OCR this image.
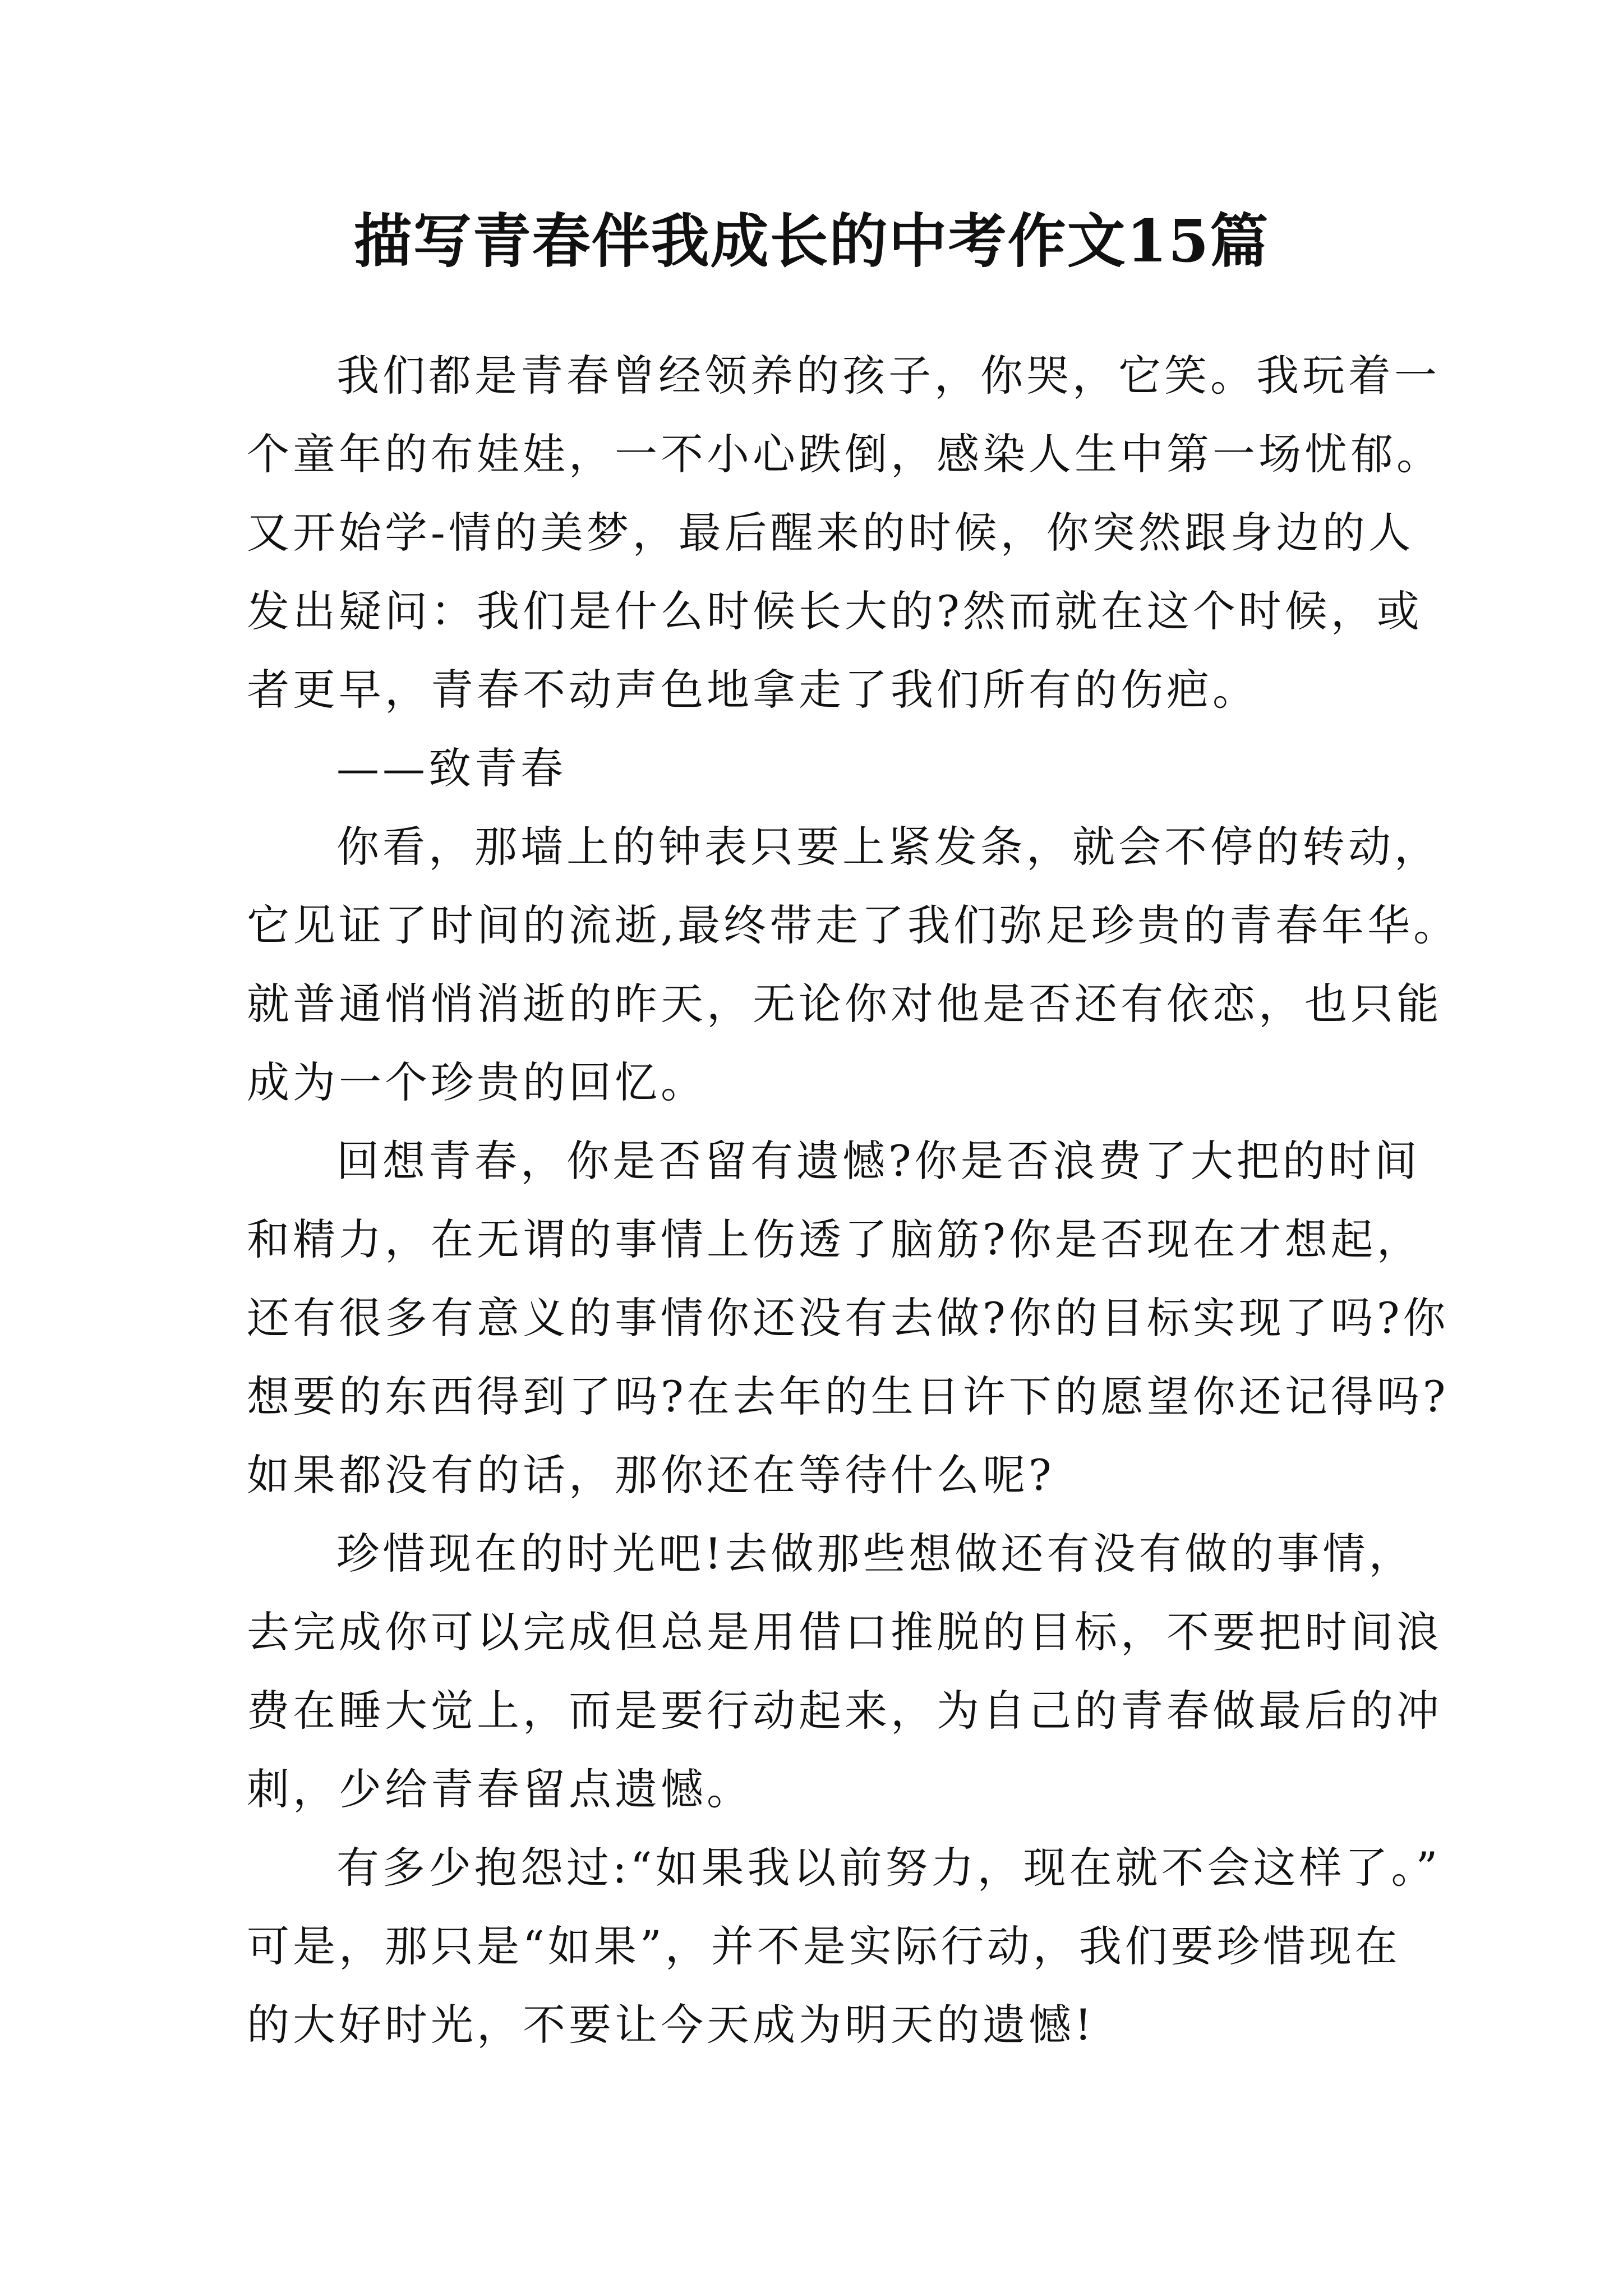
描写青春伴我成长的中考作文15篇
我们都是青春曾经领养的孩子，你哭，它笑。我玩着一
个童年的布娃娃，一不小心跌倒，感染人生中第一场忧郁。
又开始学-情的美梦，最后醒来的时候，你突然跟身边的人
发出疑问：我们是什么时候长大的?然而就在这个时候，或
者更早，青春不动声色地拿走了我们所有的伤疤。
——致青春
你看，那墙上的钟表只要上紧发条，就会不停的转动，
它见证了时间的流逝,最终带走了我们弥足珍贵的青春年华。
就普通悄悄消逝的昨天，无论你对他是否还有依恋，也只能
成为一个珍贵的回忆。
回想青春，你是否留有遗憾?你是否浪费了大把的时间
和精力，在无谓的事情上伤透了脑筋?你是否现在才想起，
还有很多有意义的事情你还没有去做?你的目标实现了吗?你
想要的东西得到了吗?在去年的生日许下的愿望你还记得吗?
如果都没有的话，那你还在等待什么呢?
珍惜现在的时光吧!去做那些想做还有没有做的事情，
去完成你可以完成但总是用借口推脱的目标，不要把时间浪
费在睡大觉上，而是要行动起来，为自己的青春做最后的冲
刺，少给青春留点遗憾。
有多少抱怨过:“如果我以前努力，现在就不会这样了。”
可是，那只是“如果”，并不是实际行动，我们要珍惜现在
的大好时光，不要让今天成为明天的遗憾!
